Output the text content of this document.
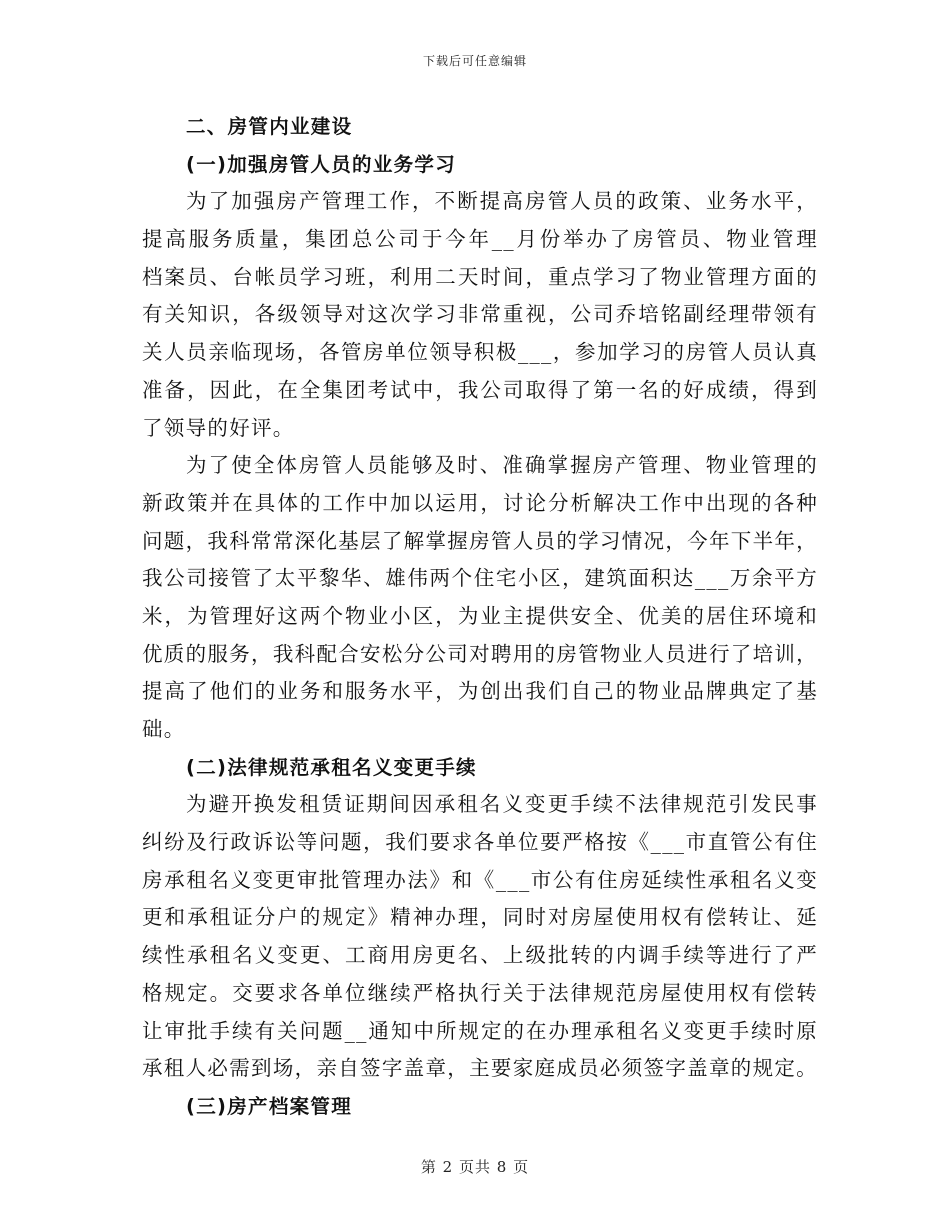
下载后可任意编辑
二、房管内业建设
(一)加强房管人员的业务学习
为了加强房产管理工作，不断提高房管人员的政策、业务水平，
提高服务质量，集团总公司于今年__月份举办了房管员、物业管理
档案员、台帐员学习班，利用二天时间，重点学习了物业管理方面的
有关知识，各级领导对这次学习非常重视，公司乔培铭副经理带领有
关人员亲临现场，各管房单位领导积极___，参加学习的房管人员认真
准备，因此，在全集团考试中，我公司取得了第一名的好成绩，得到
了领导的好评。
为了使全体房管人员能够及时、准确掌握房产管理、物业管理的
新政策并在具体的工作中加以运用，讨论分析解决工作中出现的各种
问题，我科常常深化基层了解掌握房管人员的学习情况，今年下半年，
我公司接管了太平黎华、雄伟两个住宅小区，建筑面积达___万余平方
米，为管理好这两个物业小区，为业主提供安全、优美的居住环境和
优质的服务，我科配合安松分公司对聘用的房管物业人员进行了培训，
提高了他们的业务和服务水平，为创出我们自己的物业品牌典定了基
础。
(二)法律规范承租名义变更手续
为避开换发租赁证期间因承租名义变更手续不法律规范引发民事
纠纷及行政诉讼等问题，我们要求各单位要严格按《___市直管公有住
房承租名义变更审批管理办法》和《___市公有住房延续性承租名义变
更和承租证分户的规定》精神办理，同时对房屋使用权有偿转让、延
续性承租名义变更、工商用房更名、上级批转的内调手续等进行了严
格规定。交要求各单位继续严格执行关于法律规范房屋使用权有偿转
让审批手续有关问题__通知中所规定的在办理承租名义变更手续时原
承租人必需到场，亲自签字盖章，主要家庭成员必须签字盖章的规定。
(三)房产档案管理
第 2 页共 8 页
